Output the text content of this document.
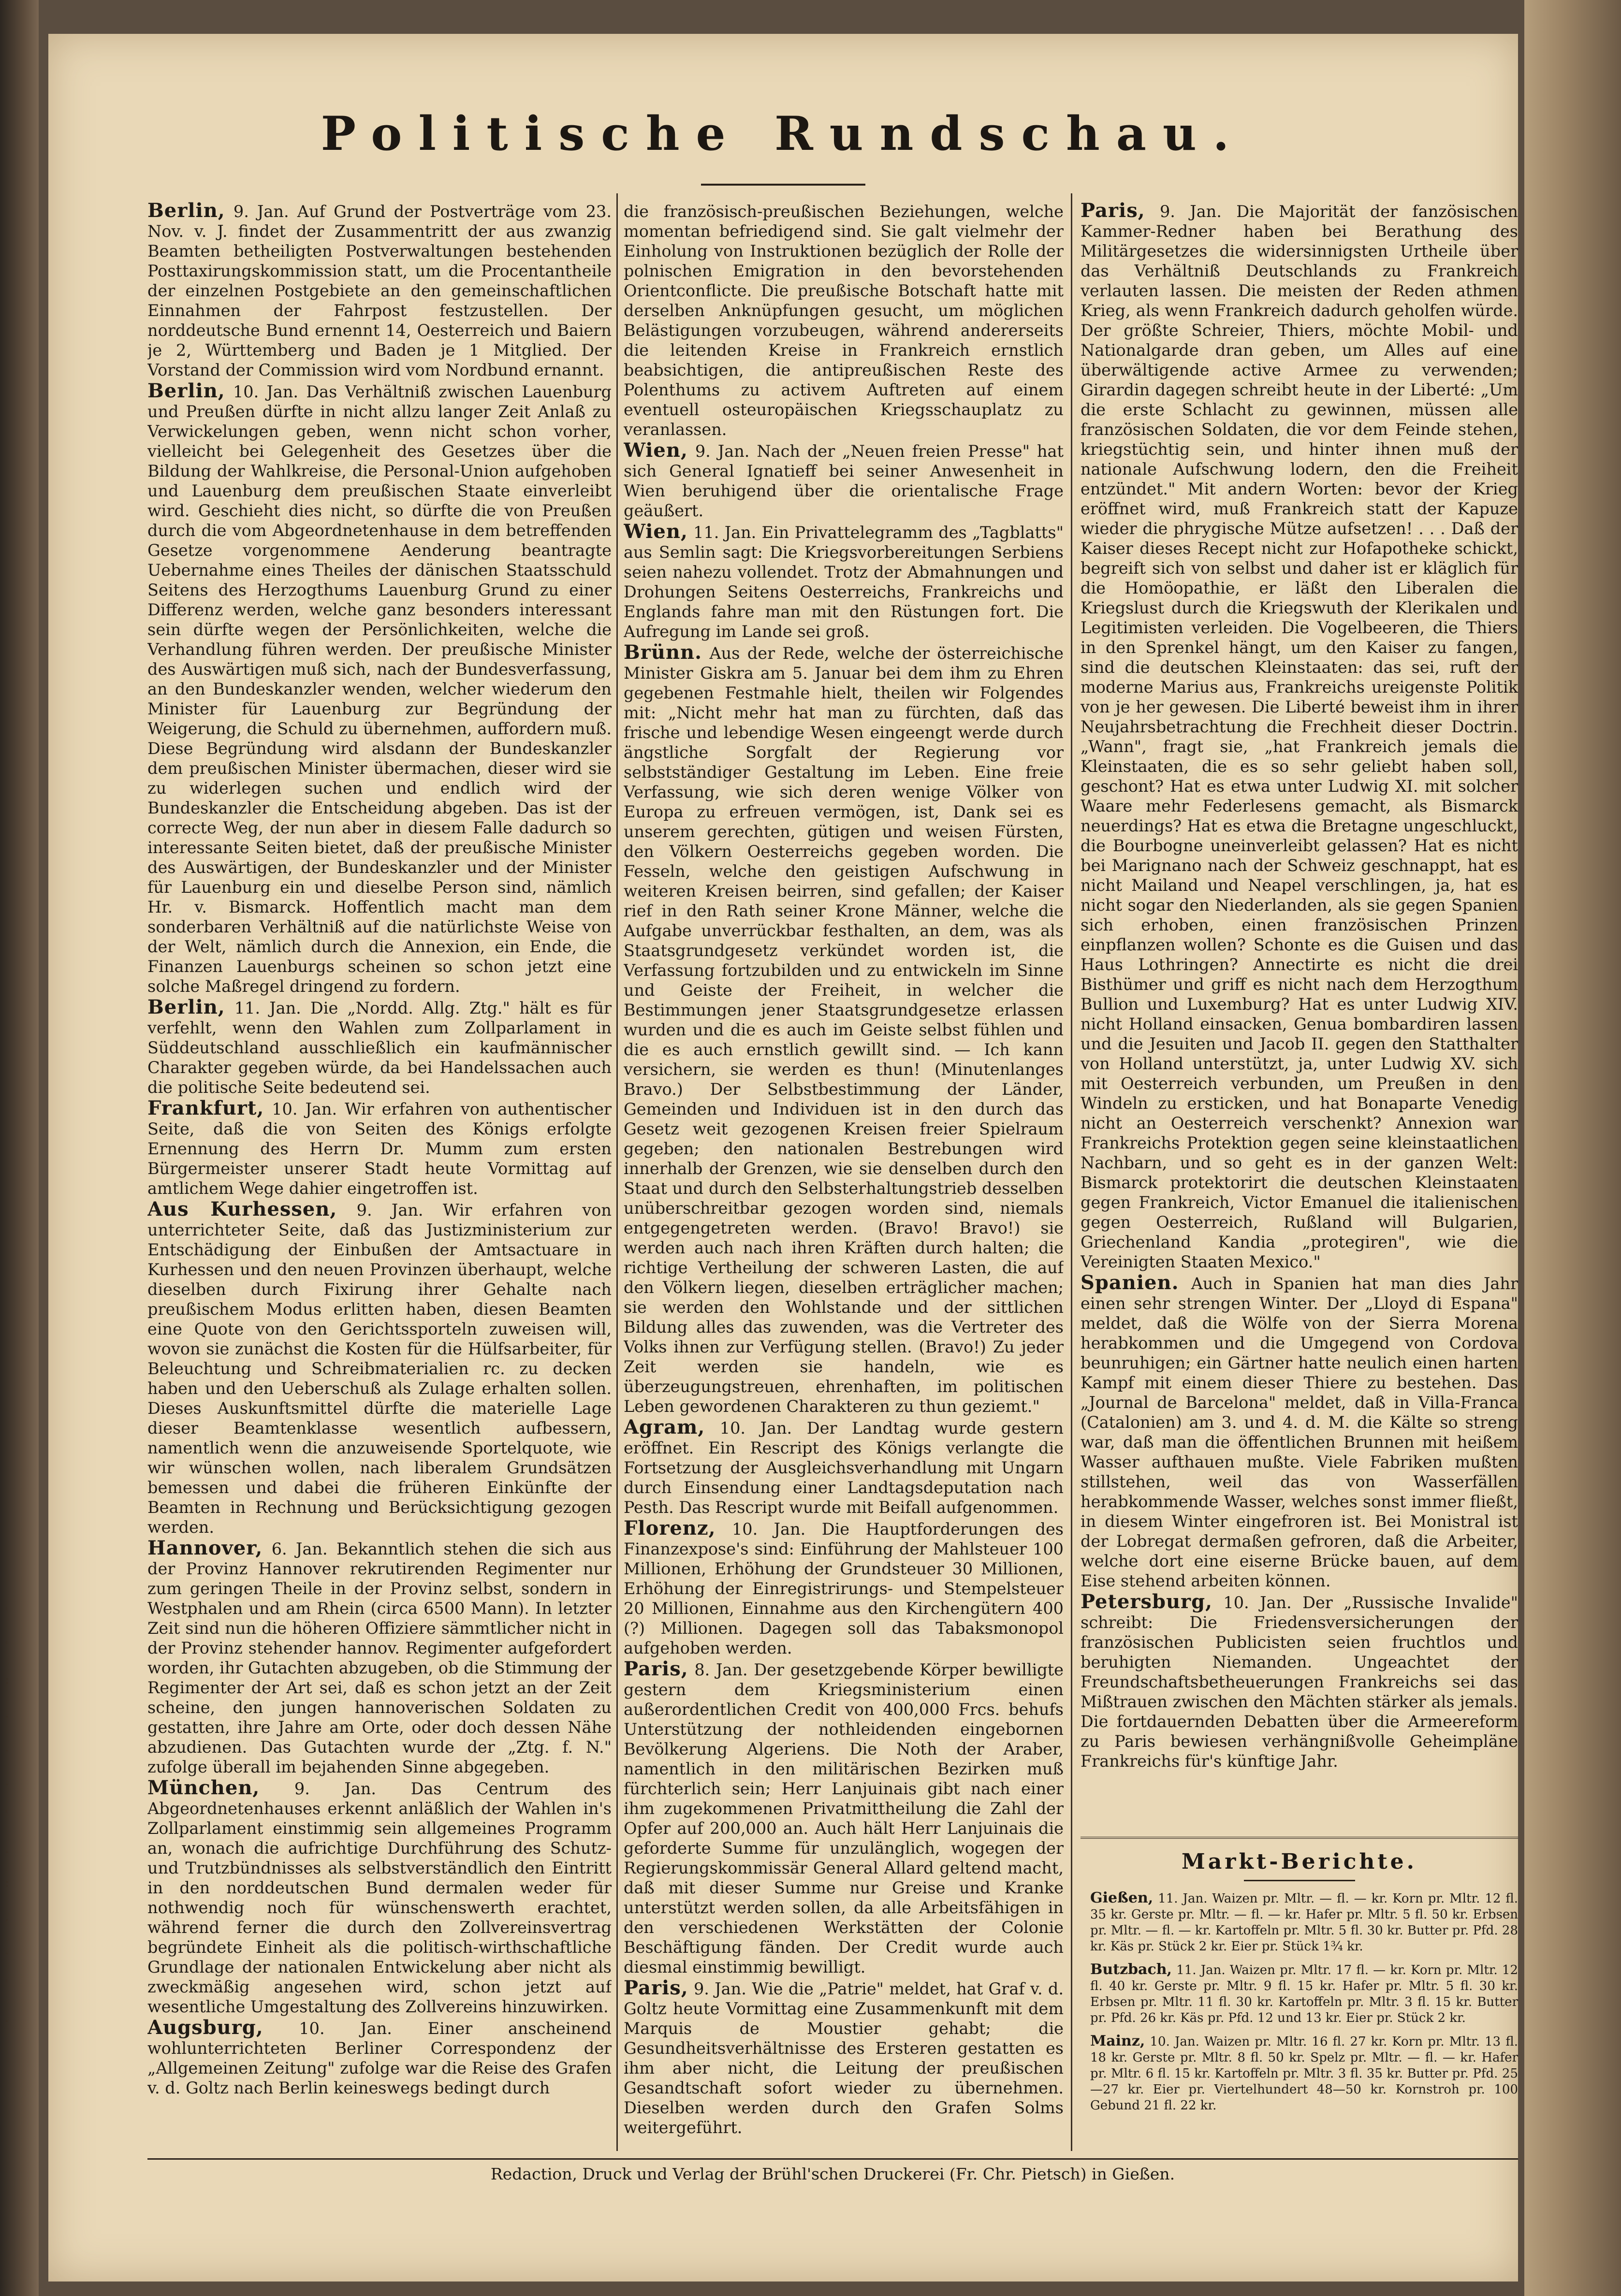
'
'
:
.
.
.
'
.
:
,
.
'
.
Politische Rundschau.

Berlin, 9. Jan. Auf Grund der Postverträge vom 23. Nov. v. J. findet der Zusammentritt der aus zwanzig Beamten betheiligten Postverwaltungen bestehenden Posttaxirungskommission statt, um die Procentantheile der einzelnen Postgebiete an den gemeinschaftlichen Einnahmen der Fahrpost festzustellen. Der norddeutsche Bund ernennt 14, Oesterreich und Baiern je 2, Württemberg und Baden je 1 Mitglied. Der Vorstand der Commission wird vom Nordbund ernannt.

Berlin, 10. Jan. Das Verhältniß zwischen Lauenburg und Preußen dürfte in nicht allzu langer Zeit Anlaß zu Verwickelungen geben, wenn nicht schon vorher, vielleicht bei Gelegenheit des Gesetzes über die Bildung der Wahlkreise, die Personal-Union aufgehoben und Lauenburg dem preußischen Staate einverleibt wird. Geschieht dies nicht, so dürfte die von Preußen durch die vom Abgeordnetenhause in dem betreffenden Gesetze vorgenommene Aenderung beantragte Uebernahme eines Theiles der dänischen Staatsschuld Seitens des Herzogthums Lauenburg Grund zu einer Differenz werden, welche ganz besonders interessant sein dürfte wegen der Persönlichkeiten, welche die Verhandlung führen werden. Der preußische Minister des Auswärtigen muß sich, nach der Bundesverfassung, an den Bundeskanzler wenden, welcher wiederum den Minister für Lauenburg zur Begründung der Weigerung, die Schuld zu übernehmen, auffordern muß. Diese Begründung wird alsdann der Bundeskanzler dem preußischen Minister übermachen, dieser wird sie zu widerlegen suchen und endlich wird der Bundeskanzler die Entscheidung abgeben. Das ist der correcte Weg, der nun aber in diesem Falle dadurch so interessante Seiten bietet, daß der preußische Minister des Auswärtigen, der Bundeskanzler und der Minister für Lauenburg ein und dieselbe Person sind, nämlich Hr. v. Bismarck. Hoffentlich macht man dem sonderbaren Verhältniß auf die natürlichste Weise von der Welt, nämlich durch die Annexion, ein Ende, die Finanzen Lauenburgs scheinen so schon jetzt eine solche Maßregel dringend zu fordern.

Berlin, 11. Jan. Die „Nordd. Allg. Ztg." hält es für verfehlt, wenn den Wahlen zum Zollparlament in Süddeutschland ausschließlich ein kaufmännischer Charakter gegeben würde, da bei Handelssachen auch die politische Seite bedeutend sei.

Frankfurt, 10. Jan. Wir erfahren von authentischer Seite, daß die von Seiten des Königs erfolgte Ernennung des Herrn Dr. Mumm zum ersten Bürgermeister unserer Stadt heute Vormittag auf amtlichem Wege dahier eingetroffen ist.

Aus Kurhessen, 9. Jan. Wir erfahren von unterrichteter Seite, daß das Justizministerium zur Entschädigung der Einbußen der Amtsactuare in Kurhessen und den neuen Provinzen überhaupt, welche dieselben durch Fixirung ihrer Gehalte nach preußischem Modus erlitten haben, diesen Beamten eine Quote von den Gerichtssporteln zuweisen will, wovon sie zunächst die Kosten für die Hülfsarbeiter, für Beleuchtung und Schreibmaterialien rc. zu decken haben und den Ueberschuß als Zulage erhalten sollen. Dieses Auskunftsmittel dürfte die materielle Lage dieser Beamtenklasse wesentlich aufbessern, namentlich wenn die anzuweisende Sportelquote, wie wir wünschen wollen, nach liberalem Grundsätzen bemessen und dabei die früheren Einkünfte der Beamten in Rechnung und Berücksichtigung gezogen werden.

Hannover, 6. Jan. Bekanntlich stehen die sich aus der Provinz Hannover rekrutirenden Regimenter nur zum geringen Theile in der Provinz selbst, sondern in Westphalen und am Rhein (circa 6500 Mann). In letzter Zeit sind nun die höheren Offiziere sämmtlicher nicht in der Provinz stehender hannov. Regimenter aufgefordert worden, ihr Gutachten abzugeben, ob die Stimmung der Regimenter der Art sei, daß es schon jetzt an der Zeit scheine, den jungen hannoverischen Soldaten zu gestatten, ihre Jahre am Orte, oder doch dessen Nähe abzudienen. Das Gutachten wurde der „Ztg. f. N." zufolge überall im bejahenden Sinne abgegeben.

München, 9. Jan. Das Centrum des Abgeordnetenhauses erkennt anläßlich der Wahlen in's Zollparlament einstimmig sein allgemeines Programm an, wonach die aufrichtige Durchführung des Schutz- und Trutzbündnisses als selbstverständlich den Eintritt in den norddeutschen Bund dermalen weder für nothwendig noch für wünschenswerth erachtet, während ferner die durch den Zollvereinsvertrag begründete Einheit als die politisch-wirthschaftliche Grundlage der nationalen Entwickelung aber nicht als zweckmäßig angesehen wird, schon jetzt auf wesentliche Umgestaltung des Zollvereins hinzuwirken.

Augsburg, 10. Jan. Einer anscheinend wohlunterrichteten Berliner Correspondenz der „Allgemeinen Zeitung" zufolge war die Reise des Grafen v. d. Goltz nach Berlin keineswegs bedingt durch

die französisch-preußischen Beziehungen, welche momentan befriedigend sind. Sie galt vielmehr der Einholung von Instruktionen bezüglich der Rolle der polnischen Emigration in den bevorstehenden Orientconflicte. Die preußische Botschaft hatte mit derselben Anknüpfungen gesucht, um möglichen Belästigungen vorzubeugen, während andererseits die leitenden Kreise in Frankreich ernstlich beabsichtigen, die antipreußischen Reste des Polenthums zu activem Auftreten auf einem eventuell osteuropäischen Kriegsschauplatz zu veranlassen.

Wien, 9. Jan. Nach der „Neuen freien Presse" hat sich General Ignatieff bei seiner Anwesenheit in Wien beruhigend über die orientalische Frage geäußert.

Wien, 11. Jan. Ein Privattelegramm des „Tagblatts" aus Semlin sagt: Die Kriegsvorbereitungen Serbiens seien nahezu vollendet. Trotz der Abmahnungen und Drohungen Seitens Oesterreichs, Frankreichs und Englands fahre man mit den Rüstungen fort. Die Aufregung im Lande sei groß.

Brünn. Aus der Rede, welche der österreichische Minister Giskra am 5. Januar bei dem ihm zu Ehren gegebenen Festmahle hielt, theilen wir Folgendes mit: „Nicht mehr hat man zu fürchten, daß das frische und lebendige Wesen eingeengt werde durch ängstliche Sorgfalt der Regierung vor selbstständiger Gestaltung im Leben. Eine freie Verfassung, wie sich deren wenige Völker von Europa zu erfreuen vermögen, ist, Dank sei es unserem gerechten, gütigen und weisen Fürsten, den Völkern Oesterreichs gegeben worden. Die Fesseln, welche den geistigen Aufschwung in weiteren Kreisen beirren, sind gefallen; der Kaiser rief in den Rath seiner Krone Männer, welche die Aufgabe unverrückbar festhalten, an dem, was als Staatsgrundgesetz verkündet worden ist, die Verfassung fortzubilden und zu entwickeln im Sinne und Geiste der Freiheit, in welcher die Bestimmungen jener Staatsgrundgesetze erlassen wurden und die es auch im Geiste selbst fühlen und die es auch ernstlich gewillt sind. — Ich kann versichern, sie werden es thun! (Minutenlanges Bravo.) Der Selbstbestimmung der Länder, Gemeinden und Individuen ist in den durch das Gesetz weit gezogenen Kreisen freier Spielraum gegeben; den nationalen Bestrebungen wird innerhalb der Grenzen, wie sie denselben durch den Staat und durch den Selbsterhaltungstrieb desselben unüberschreitbar gezogen worden sind, niemals entgegengetreten werden. (Bravo! Bravo!) sie werden auch nach ihren Kräften durch halten; die richtige Vertheilung der schweren Lasten, die auf den Völkern liegen, dieselben erträglicher machen; sie werden den Wohlstande und der sittlichen Bildung alles das zuwenden, was die Vertreter des Volks ihnen zur Verfügung stellen. (Bravo!) Zu jeder Zeit werden sie handeln, wie es überzeugungstreuen, ehrenhaften, im politischen Leben gewordenen Charakteren zu thun geziemt."

Agram, 10. Jan. Der Landtag wurde gestern eröffnet. Ein Rescript des Königs verlangte die Fortsetzung der Ausgleichsverhandlung mit Ungarn durch Einsendung einer Landtagsdeputation nach Pesth. Das Rescript wurde mit Beifall aufgenommen.

Florenz, 10. Jan. Die Hauptforderungen des Finanzexpose's sind: Einführung der Mahlsteuer 100 Millionen, Erhöhung der Grundsteuer 30 Millionen, Erhöhung der Einregistrirungs- und Stempelsteuer 20 Millionen, Einnahme aus den Kirchengütern 400 (?) Millionen. Dagegen soll das Tabaksmonopol aufgehoben werden.

Paris, 8. Jan. Der gesetzgebende Körper bewilligte gestern dem Kriegsministerium einen außerordentlichen Credit von 400,000 Frcs. behufs Unterstützung der nothleidenden eingebornen Bevölkerung Algeriens. Die Noth der Araber, namentlich in den militärischen Bezirken muß fürchterlich sein; Herr Lanjuinais gibt nach einer ihm zugekommenen Privatmittheilung die Zahl der Opfer auf 200,000 an. Auch hält Herr Lanjuinais die geforderte Summe für unzulänglich, wogegen der Regierungskommissär General Allard geltend macht, daß mit dieser Summe nur Greise und Kranke unterstützt werden sollen, da alle Arbeitsfähigen in den verschiedenen Werkstätten der Colonie Beschäftigung fänden. Der Credit wurde auch diesmal einstimmig bewilligt.

Paris, 9. Jan. Wie die „Patrie" meldet, hat Graf v. d. Goltz heute Vormittag eine Zusammenkunft mit dem Marquis de Moustier gehabt; die Gesundheitsverhältnisse des Ersteren gestatten es ihm aber nicht, die Leitung der preußischen Gesandtschaft sofort wieder zu übernehmen. Dieselben werden durch den Grafen Solms weitergeführt.

Paris, 9. Jan. Die Majorität der fanzösischen Kammer-Redner haben bei Berathung des Militärgesetzes die widersinnigsten Urtheile über das Verhältniß Deutschlands zu Frankreich verlauten lassen. Die meisten der Reden athmen Krieg, als wenn Frankreich dadurch geholfen würde. Der größte Schreier, Thiers, möchte Mobil- und Nationalgarde dran geben, um Alles auf eine überwältigende active Armee zu verwenden; Girardin dagegen schreibt heute in der Liberté: „Um die erste Schlacht zu gewinnen, müssen alle französischen Soldaten, die vor dem Feinde stehen, kriegstüchtig sein, und hinter ihnen muß der nationale Aufschwung lodern, den die Freiheit entzündet." Mit andern Worten: bevor der Krieg eröffnet wird, muß Frankreich statt der Kapuze wieder die phrygische Mütze aufsetzen! . . . Daß der Kaiser dieses Recept nicht zur Hofapotheke schickt, begreift sich von selbst und daher ist er kläglich für die Homöopathie, er läßt den Liberalen die Kriegslust durch die Kriegswuth der Klerikalen und Legitimisten verleiden. Die Vogelbeeren, die Thiers in den Sprenkel hängt, um den Kaiser zu fangen, sind die deutschen Kleinstaaten: das sei, ruft der moderne Marius aus, Frankreichs ureigenste Politik von je her gewesen. Die Liberté beweist ihm in ihrer Neujahrsbetrachtung die Frechheit dieser Doctrin. „Wann", fragt sie, „hat Frankreich jemals die Kleinstaaten, die es so sehr geliebt haben soll, geschont? Hat es etwa unter Ludwig XI. mit solcher Waare mehr Federlesens gemacht, als Bismarck neuerdings? Hat es etwa die Bretagne ungeschluckt, die Bourbogne uneinverleibt gelassen? Hat es nicht bei Marignano nach der Schweiz geschnappt, hat es nicht Mailand und Neapel verschlingen, ja, hat es nicht sogar den Niederlanden, als sie gegen Spanien sich erhoben, einen französischen Prinzen einpflanzen wollen? Schonte es die Guisen und das Haus Lothringen? Annectirte es nicht die drei Bisthümer und griff es nicht nach dem Herzogthum Bullion und Luxemburg? Hat es unter Ludwig XIV. nicht Holland einsacken, Genua bombardiren lassen und die Jesuiten und Jacob II. gegen den Statthalter von Holland unterstützt, ja, unter Ludwig XV. sich mit Oesterreich verbunden, um Preußen in den Windeln zu ersticken, und hat Bonaparte Venedig nicht an Oesterreich verschenkt? Annexion war Frankreichs Protektion gegen seine kleinstaatlichen Nachbarn, und so geht es in der ganzen Welt: Bismarck protektorirt die deutschen Kleinstaaten gegen Frankreich, Victor Emanuel die italienischen gegen Oesterreich, Rußland will Bulgarien, Griechenland Kandia „protegiren", wie die Vereinigten Staaten Mexico."

Spanien. Auch in Spanien hat man dies Jahr einen sehr strengen Winter. Der „Lloyd di Espana" meldet, daß die Wölfe von der Sierra Morena herabkommen und die Umgegend von Cordova beunruhigen; ein Gärtner hatte neulich einen harten Kampf mit einem dieser Thiere zu bestehen. Das „Journal de Barcelona" meldet, daß in Villa-Franca (Catalonien) am 3. und 4. d. M. die Kälte so streng war, daß man die öffentlichen Brunnen mit heißem Wasser aufthauen mußte. Viele Fabriken mußten stillstehen, weil das von Wasserfällen herabkommende Wasser, welches sonst immer fließt, in diesem Winter eingefroren ist. Bei Monistral ist der Lobregat dermaßen gefroren, daß die Arbeiter, welche dort eine eiserne Brücke bauen, auf dem Eise stehend arbeiten können.

Petersburg, 10. Jan. Der „Russische Invalide" schreibt: Die Friedensversicherungen der französischen Publicisten seien fruchtlos und beruhigten Niemanden. Ungeachtet der Freundschaftsbetheuerungen Frankreichs sei das Mißtrauen zwischen den Mächten stärker als jemals. Die fortdauernden Debatten über die Armeereform zu Paris bewiesen verhängnißvolle Geheimpläne Frankreichs für's künftige Jahr.

Markt-Berichte.

Gießen, 11. Jan. Waizen pr. Mltr. — fl. — kr. Korn pr. Mltr. 12 fl. 35 kr. Gerste pr. Mltr. — fl. — kr. Hafer pr. Mltr. 5 fl. 50 kr. Erbsen pr. Mltr. — fl. — kr. Kartoffeln pr. Mltr. 5 fl. 30 kr. Butter pr. Pfd. 28 kr. Käs pr. Stück 2 kr. Eier pr. Stück 1¾ kr.

Butzbach, 11. Jan. Waizen pr. Mltr. 17 fl. — kr. Korn pr. Mltr. 12 fl. 40 kr. Gerste pr. Mltr. 9 fl. 15 kr. Hafer pr. Mltr. 5 fl. 30 kr. Erbsen pr. Mltr. 11 fl. 30 kr. Kartoffeln pr. Mltr. 3 fl. 15 kr. Butter pr. Pfd. 26 kr. Käs pr. Pfd. 12 und 13 kr. Eier pr. Stück 2 kr.

Mainz, 10. Jan. Waizen pr. Mltr. 16 fl. 27 kr. Korn pr. Mltr. 13 fl. 18 kr. Gerste pr. Mltr. 8 fl. 50 kr. Spelz pr. Mltr. — fl. — kr. Hafer pr. Mltr. 6 fl. 15 kr. Kartoffeln pr. Mltr. 3 fl. 35 kr. Butter pr. Pfd. 25—27 kr. Eier pr. Viertelhundert 48—50 kr. Kornstroh pr. 100 Gebund 21 fl. 22 kr.

Redaction, Druck und Verlag der Brühl'schen Druckerei (Fr. Chr. Pietsch) in Gießen.
